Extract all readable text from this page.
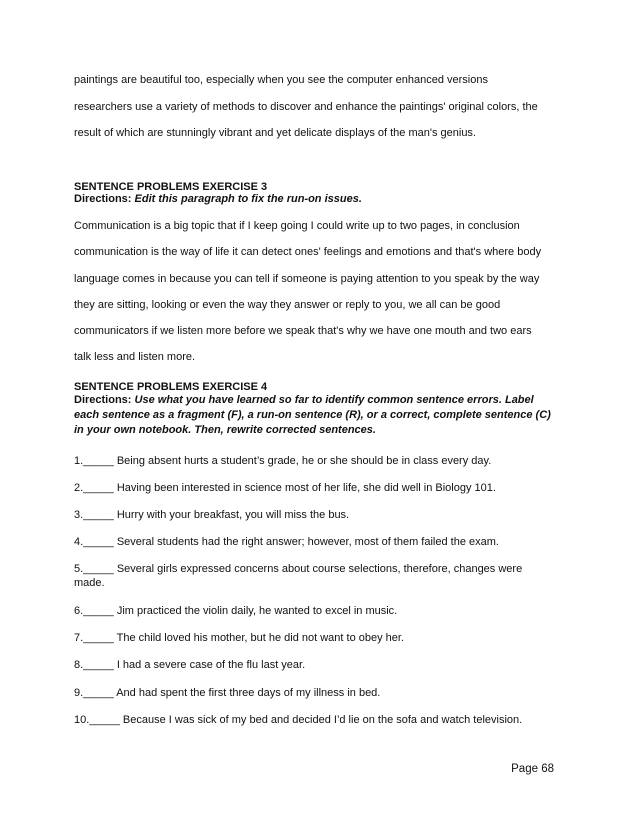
paintings are beautiful too, especially when you see the computer enhanced versions
researchers use a variety of methods to discover and enhance the paintings' original colors, the
result of which are stunningly vibrant and yet delicate displays of the man's genius.
SENTENCE PROBLEMS EXERCISE 3
Directions: Edit this paragraph to fix the run-on issues.
Communication is a big topic that if I keep going I could write up to two pages, in conclusion
communication is the way of life it can detect ones' feelings and emotions and that's where body
language comes in because you can tell if someone is paying attention to you speak by the way
they are sitting, looking or even the way they answer or reply to you, we all can be good
communicators if we listen more before we speak that's why we have one mouth and two ears
talk less and listen more.
SENTENCE PROBLEMS EXERCISE 4
Directions: Use what you have learned so far to identify common sentence errors. Label each sentence as a fragment (F), a run-on sentence (R), or a correct, complete sentence (C) in your own notebook. Then, rewrite corrected sentences.
1._____ Being absent hurts a student’s grade, he or she should be in class every day.
2._____ Having been interested in science most of her life, she did well in Biology 101.
3._____ Hurry with your breakfast, you will miss the bus.
4._____ Several students had the right answer; however, most of them failed the exam.
5._____ Several girls expressed concerns about course selections, therefore, changes were made.
6._____ Jim practiced the violin daily, he wanted to excel in music.
7._____ The child loved his mother, but he did not want to obey her.
8._____ I had a severe case of the flu last year.
9._____ And had spent the first three days of my illness in bed.
10._____ Because I was sick of my bed and decided I’d lie on the sofa and watch television.
Page 68
